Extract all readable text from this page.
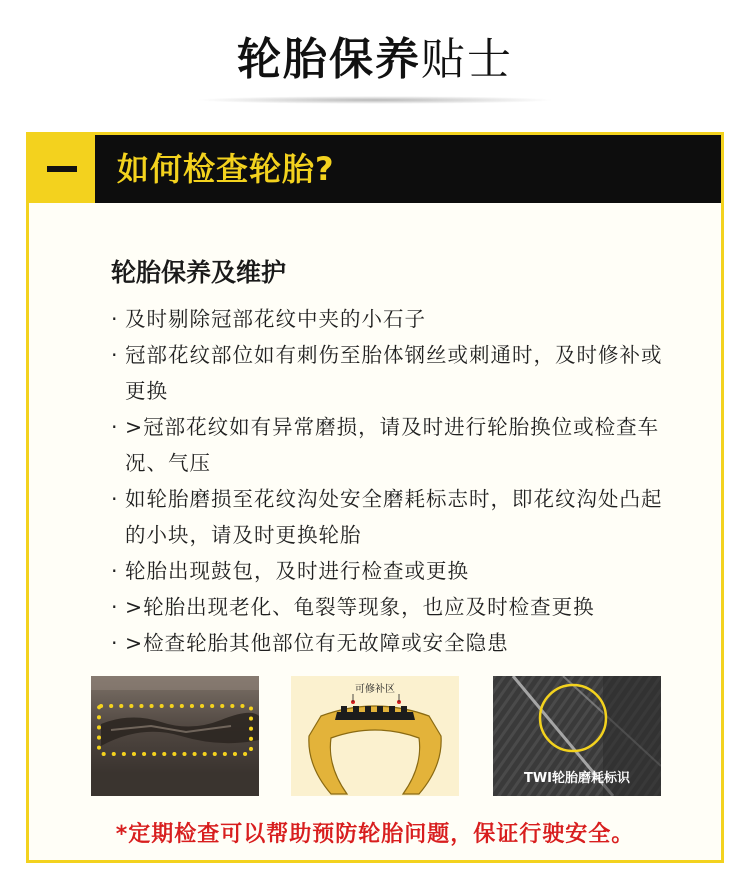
轮胎保养贴士
如何检查轮胎?
轮胎保养及维护
· 及时剔除冠部花纹中夹的小石子
· 冠部花纹部位如有刺伤至胎体钢丝或刺通时，及时修补或更换
· >冠部花纹如有异常磨损，请及时进行轮胎换位或检查车况、气压
· 如轮胎磨损至花纹沟处安全磨耗标志时，即花纹沟处凸起的小块，请及时更换轮胎
· 轮胎出现鼓包，及时进行检查或更换
· >轮胎出现老化、龟裂等现象，也应及时检查更换
· >检查轮胎其他部位有无故障或安全隐患
可修补区
TWI轮胎磨耗标识
*定期检查可以帮助预防轮胎问题，保证行驶安全。
